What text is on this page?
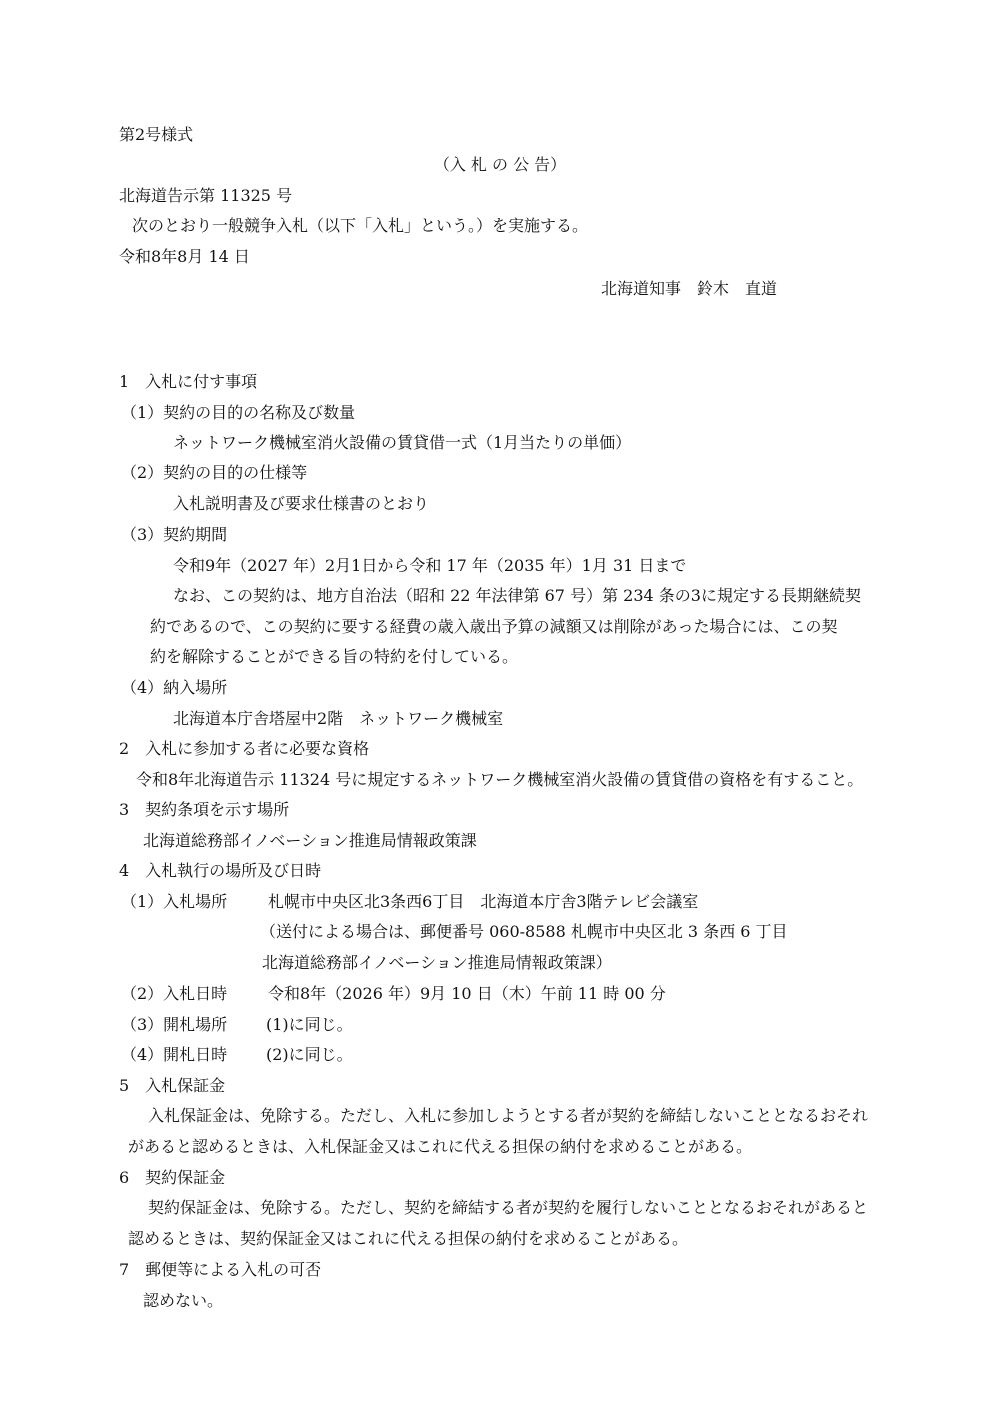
第2号様式
（入 札 の 公 告）
北海道告示第 11325 号
次のとおり一般競争入札（以下「入札」という。）を実施する。
令和8年8月 14 日
北海道知事　鈴木　直道
1　入札に付す事項
（1）契約の目的の名称及び数量
ネットワーク機械室消火設備の賃貸借一式（1月当たりの単価）
（2）契約の目的の仕様等
入札説明書及び要求仕様書のとおり
（3）契約期間
令和9年（2027 年）2月1日から令和 17 年（2035 年）1月 31 日まで
なお、この契約は、地方自治法（昭和 22 年法律第 67 号）第 234 条の3に規定する長期継続契
約であるので、この契約に要する経費の歳入歳出予算の減額又は削除があった場合には、この契
約を解除することができる旨の特約を付している。
（4）納入場所
北海道本庁舎塔屋中2階　ネットワーク機械室
2　入札に参加する者に必要な資格
令和8年北海道告示 11324 号に規定するネットワーク機械室消火設備の賃貸借の資格を有すること。
3　契約条項を示す場所
北海道総務部イノベーション推進局情報政策課
4　入札執行の場所及び日時
（1）入札場所	札幌市中央区北3条西6丁目　北海道本庁舎3階テレビ会議室
（送付による場合は、郵便番号 060-8588 札幌市中央区北 3 条西 6 丁目
北海道総務部イノベーション推進局情報政策課）
（2）入札日時	令和8年（2026 年）9月 10 日（木）午前 11 時 00 分
（3）開札場所 (1)に同じ。
（4）開札日時 (2)に同じ。
5　入札保証金
入札保証金は、免除する。ただし、入札に参加しようとする者が契約を締結しないこととなるおそれ
があると認めるときは、入札保証金又はこれに代える担保の納付を求めることがある。
6　契約保証金
契約保証金は、免除する。ただし、契約を締結する者が契約を履行しないこととなるおそれがあると
認めるときは、契約保証金又はこれに代える担保の納付を求めることがある。
7　郵便等による入札の可否
認めない。
